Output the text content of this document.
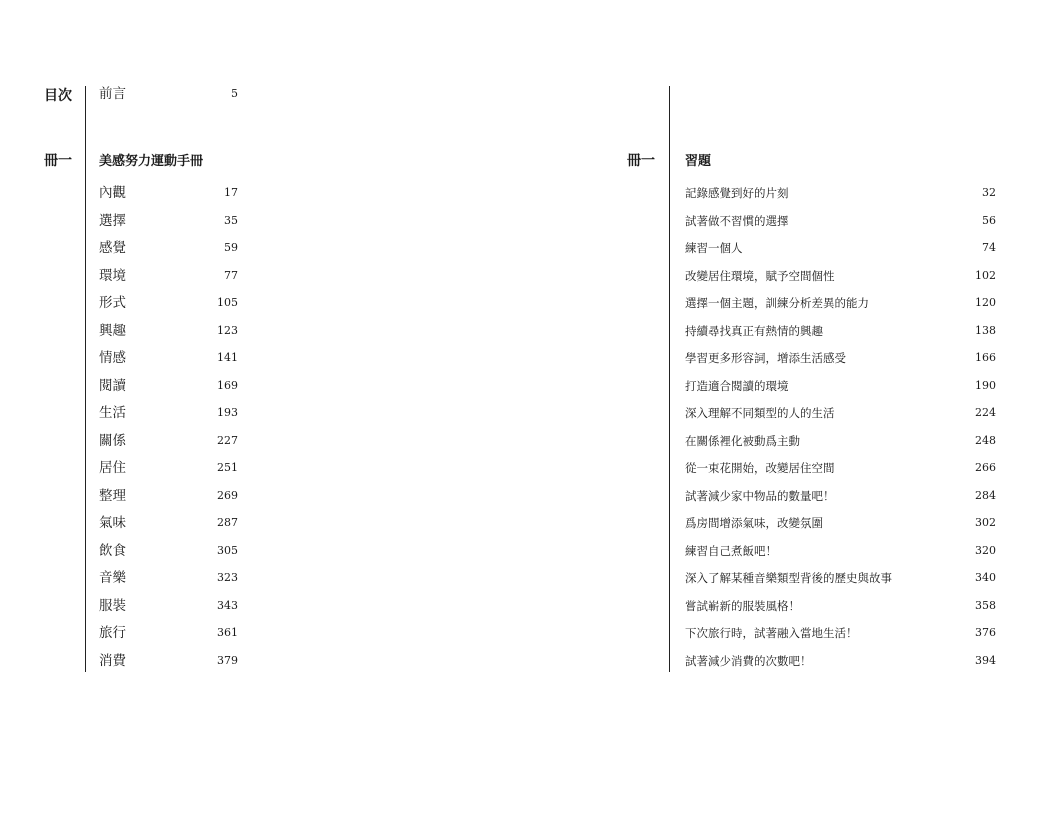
目次 前言	5
冊一 美感努力運動手冊
內觀	17
選擇	35
感覺	59
環境	77
形式	105
興趣	123
情感	141
閱讀	169
生活	193
關係	227
居住	251
整理	269
氣味	287
飲食	305
音樂	323
服裝	343
旅行	361
消費	379
冊一 習題
記錄感覺到好的片刻	32
試著做不習慣的選擇	56
練習一個人	74
改變居住環境，賦予空間個性	102
選擇一個主題，訓練分析差異的能力	120
持續尋找真正有熱情的興趣	138
學習更多形容詞，增添生活感受	166
打造適合閱讀的環境	190
深入理解不同類型的人的生活	224
在關係裡化被動爲主動	248
從一束花開始，改變居住空間	266
試著減少家中物品的數量吧！	284
爲房間增添氣味，改變氛圍	302
練習自己煮飯吧！	320
深入了解某種音樂類型背後的歷史與故事	340
嘗試嶄新的服裝風格！	358
下次旅行時，試著融入當地生活！	376
試著減少消費的次數吧！	394
